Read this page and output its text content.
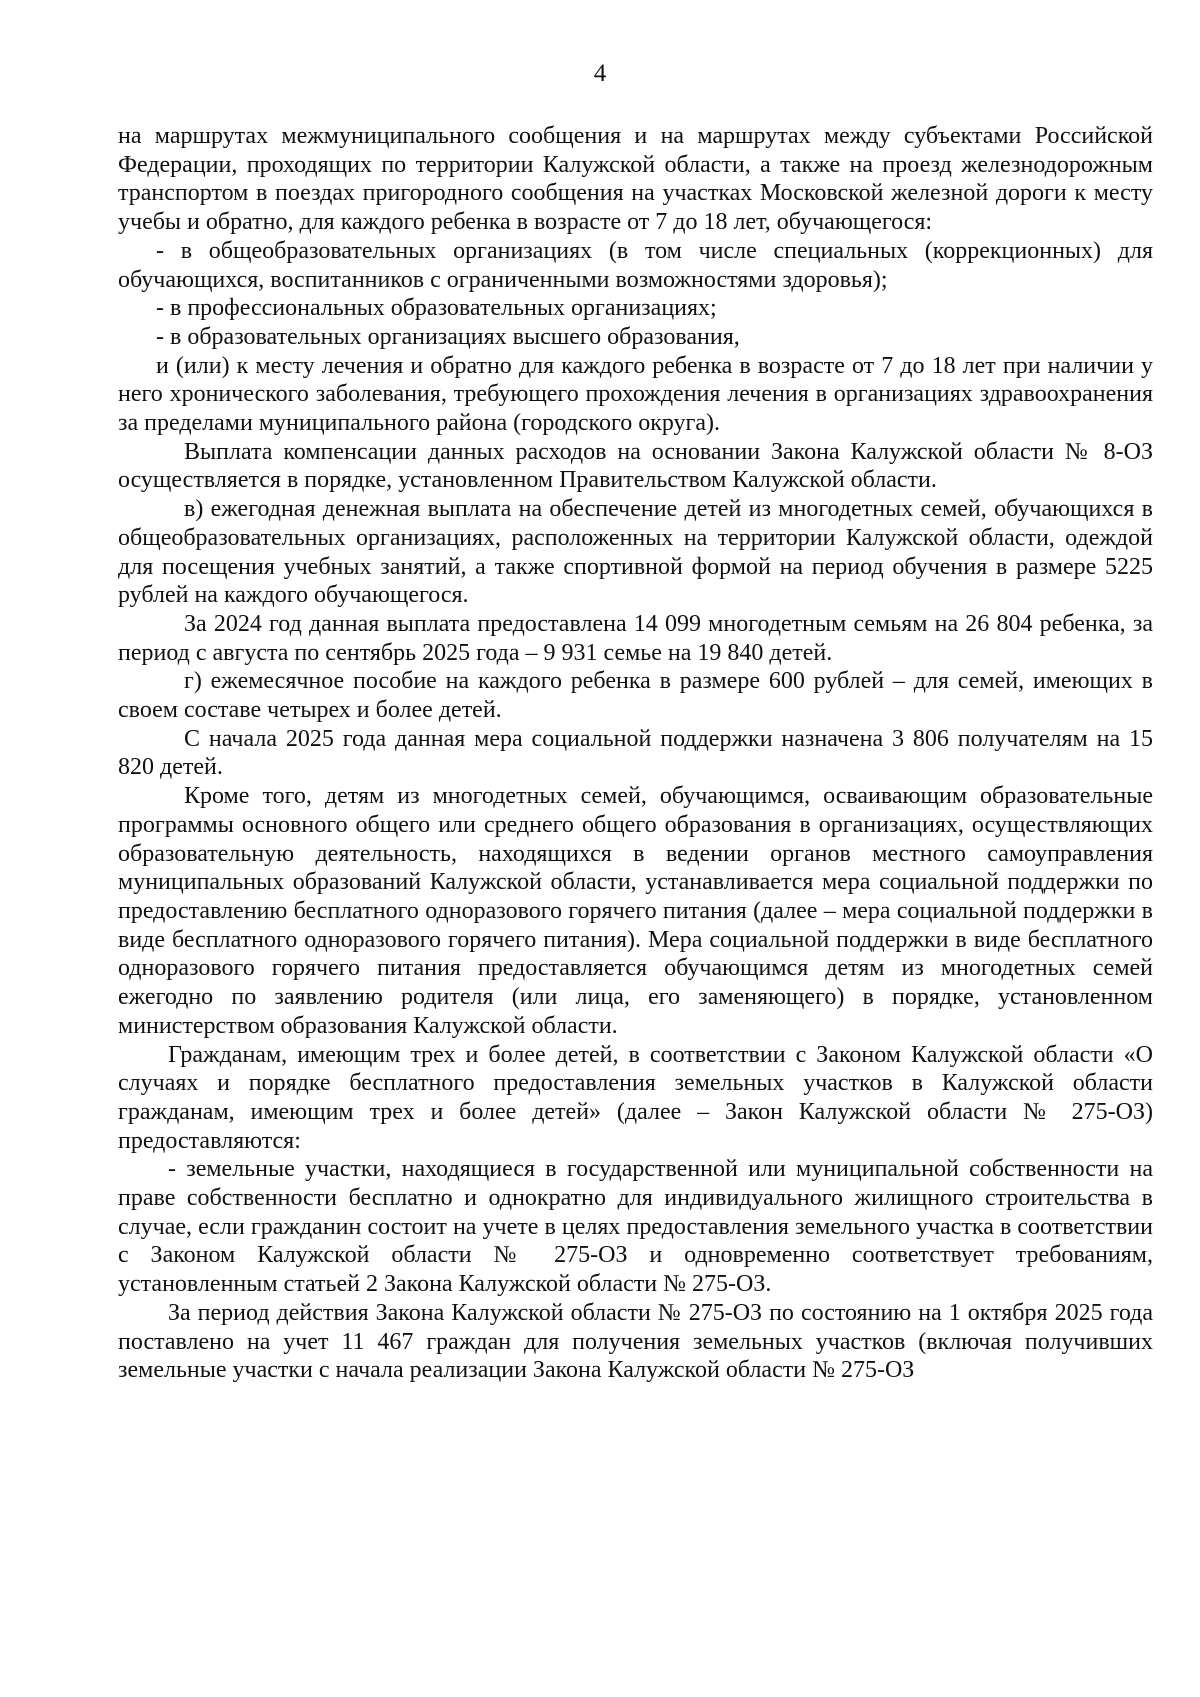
4

на маршрутах межмуниципального сообщения и на маршрутах между субъектами Российской Федерации, проходящих по территории Калужской области, а также на проезд железнодорожным транспортом в поездах пригородного сообщения на участках Московской железной дороги к месту учебы и обратно, для каждого ребенка в возрасте от 7 до 18 лет, обучающегося:

- в общеобразовательных организациях (в том числе специальных (коррекционных) для обучающихся, воспитанников с ограниченными возможностями здоровья);

- в профессиональных образовательных организациях;

- в образовательных организациях высшего образования,

и (или) к месту лечения и обратно для каждого ребенка в возрасте от 7 до 18 лет при наличии у него хронического заболевания, требующего прохождения лечения в организациях здравоохранения за пределами муниципального района (городского округа).

Выплата компенсации данных расходов на основании Закона Калужской области № 8-ОЗ осуществляется в порядке, установленном Правительством Калужской области.

в) ежегодная денежная выплата на обеспечение детей из многодетных семей, обучающихся в общеобразовательных организациях, расположенных на территории Калужской области, одеждой для посещения учебных занятий, а также спортивной формой на период обучения в размере 5225 рублей на каждого обучающегося.

За 2024 год данная выплата предоставлена 14 099 многодетным семьям на 26 804 ребенка, за период с августа по сентябрь 2025 года – 9 931 семье на 19 840 детей.

г) ежемесячное пособие на каждого ребенка в размере 600 рублей – для семей, имеющих в своем составе четырех и более детей.

С начала 2025 года данная мера социальной поддержки назначена 3 806 получателям на 15 820 детей.

Кроме того, детям из многодетных семей, обучающимся, осваивающим образовательные программы основного общего или среднего общего образования в организациях, осуществляющих образовательную деятельность, находящихся в ведении органов местного самоуправления муниципальных образований Калужской области, устанавливается мера социальной поддержки по предоставлению бесплатного одноразового горячего питания (далее – мера социальной поддержки в виде бесплатного одноразового горячего питания). Мера социальной поддержки в виде бесплатного одноразового горячего питания предоставляется обучающимся детям из многодетных семей ежегодно по заявлению родителя (или лица, его заменяющего) в порядке, установленном министерством образования Калужской области.

Гражданам, имеющим трех и более детей, в соответствии с Законом Калужской области «О случаях и порядке бесплатного предоставления земельных участков в Калужской области гражданам, имеющим трех и более детей» (далее – Закон Калужской области № 275-ОЗ) предоставляются:

- земельные участки, находящиеся в государственной или муниципальной собственности на праве собственности бесплатно и однократно для индивидуального жилищного строительства в случае, если гражданин состоит на учете в целях предоставления земельного участка в соответствии с Законом Калужской области № 275-ОЗ и одновременно соответствует требованиям, установленным статьей 2 Закона Калужской области № 275-ОЗ.

За период действия Закона Калужской области № 275-ОЗ по состоянию на 1 октября 2025 года поставлено на учет 11 467 граждан для получения земельных участков (включая получивших земельные участки с начала реализации Закона Калужской области № 275-ОЗ
